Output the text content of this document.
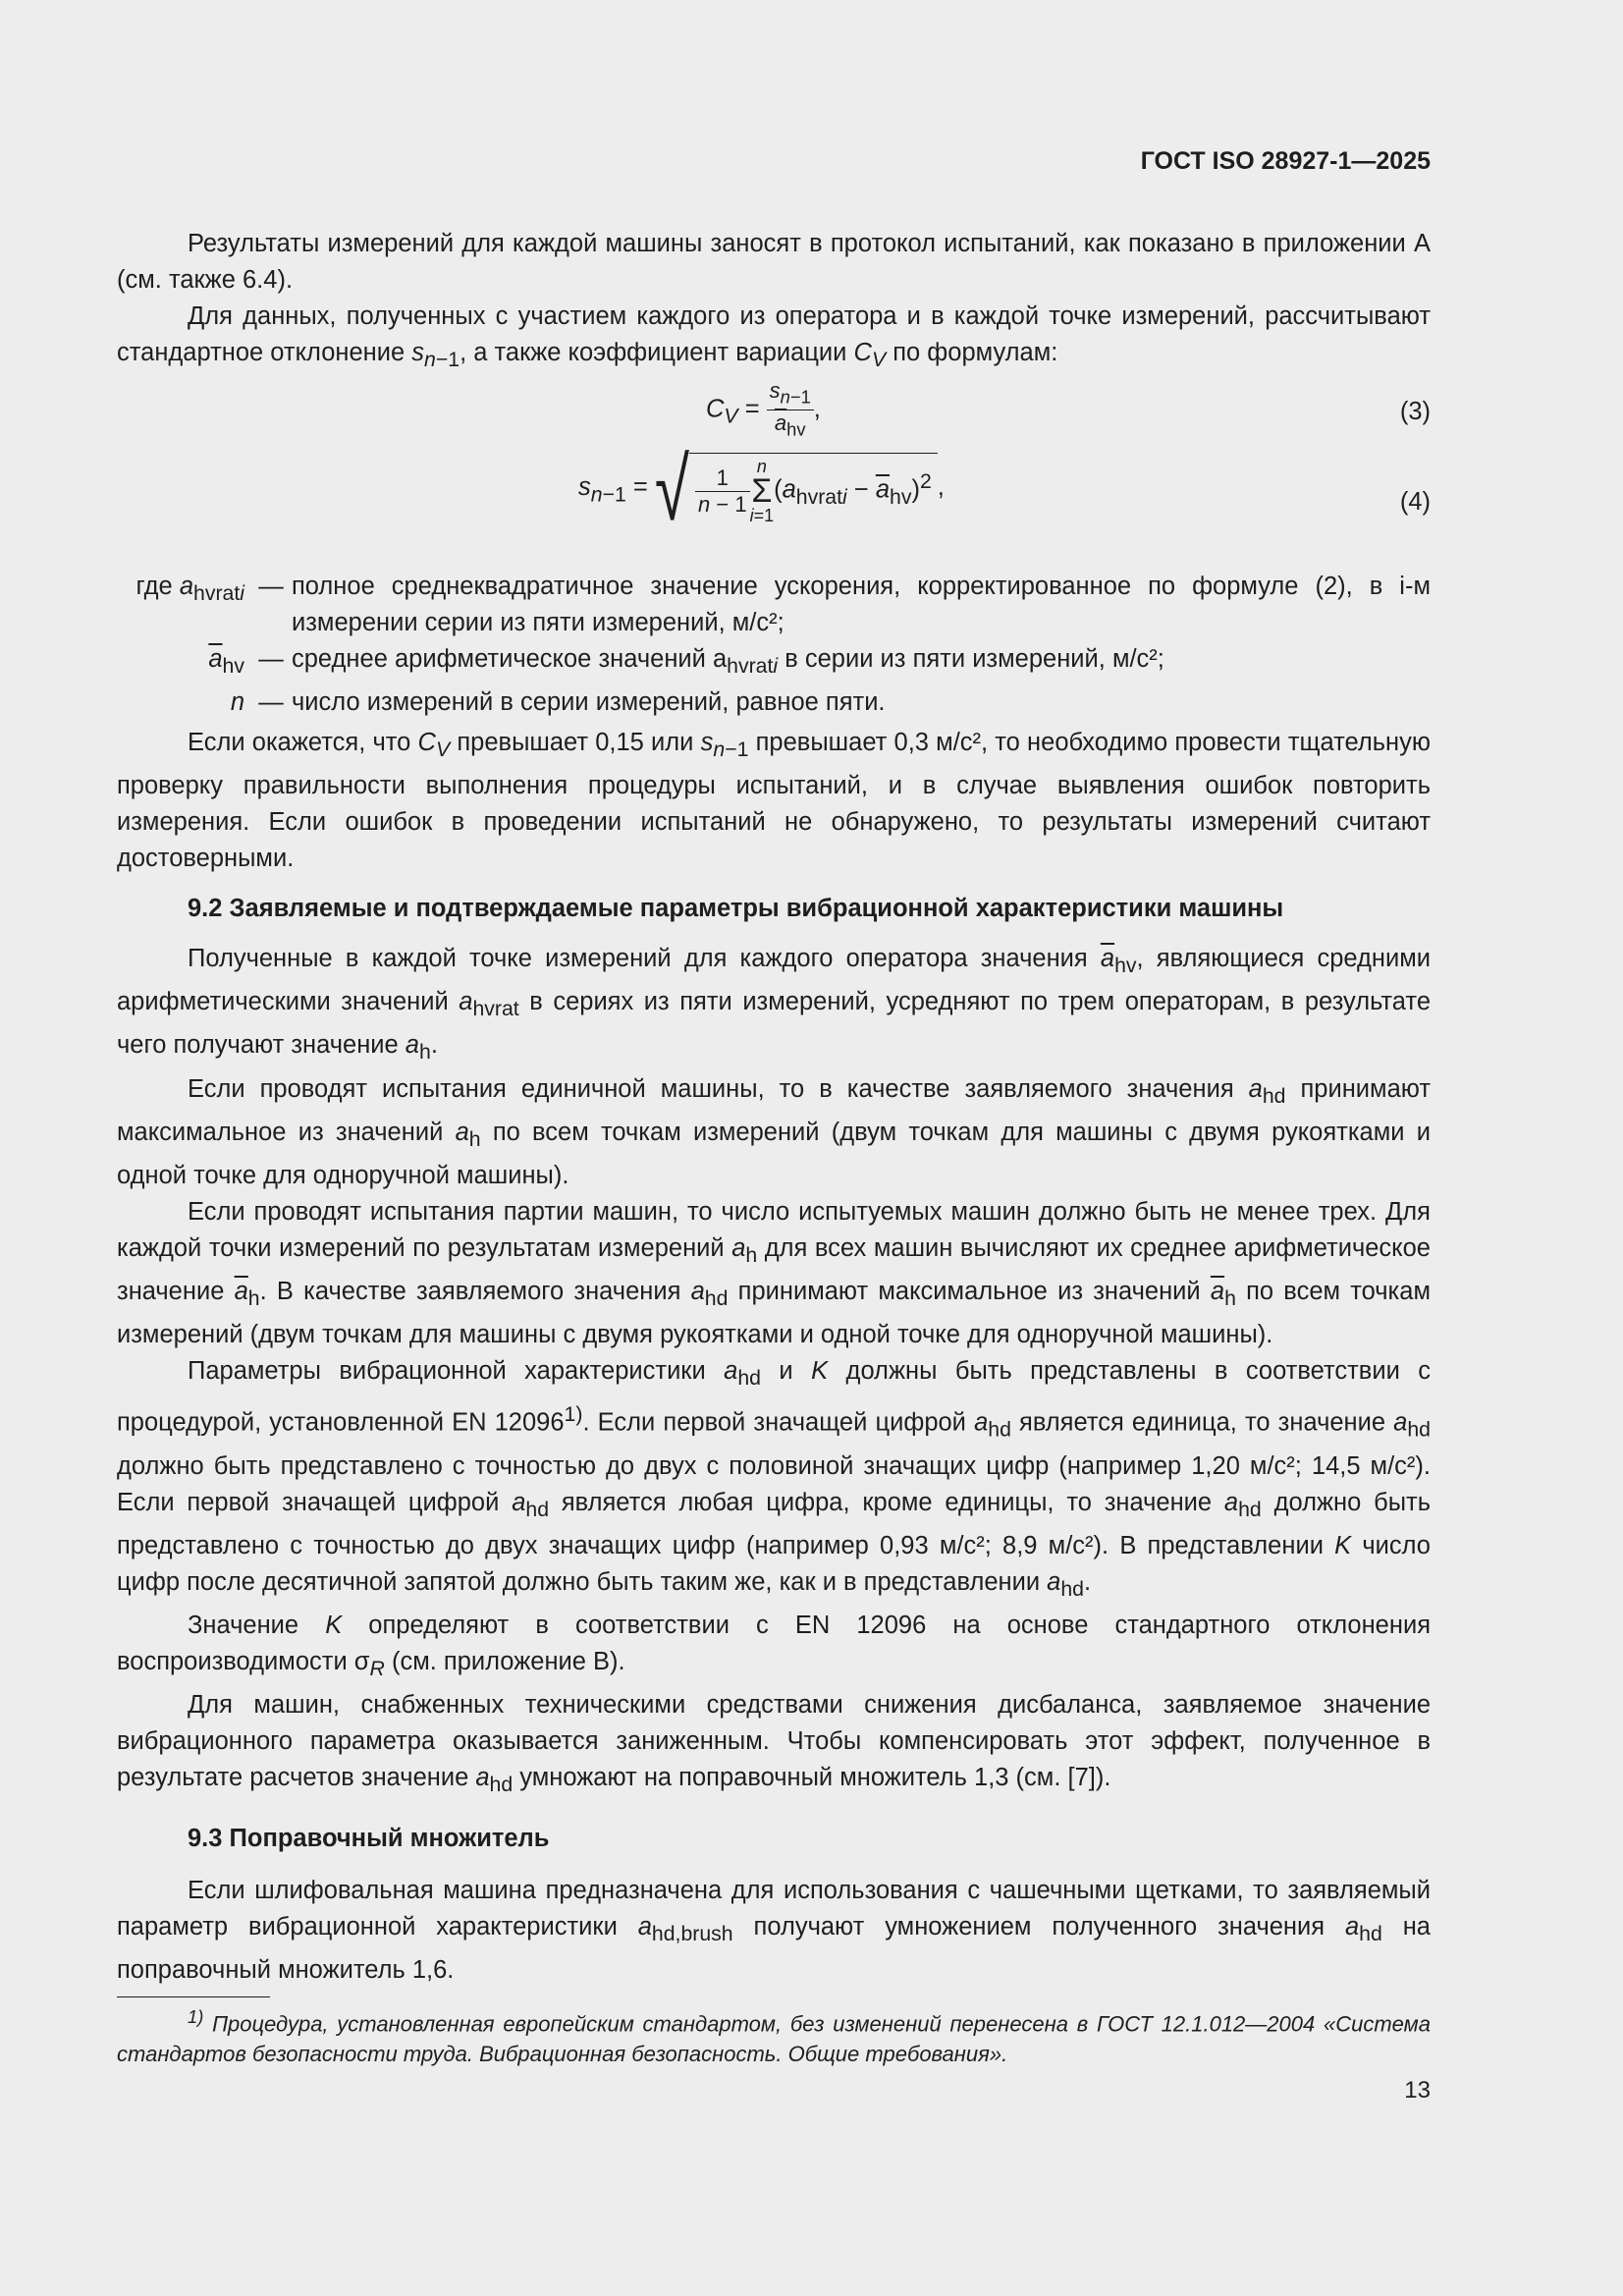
ГОСТ ISO 28927-1—2025

Результаты измерений для каждой машины заносят в протокол испытаний, как показано в приложении А (см. также 6.4).

Для данных, полученных с участием каждого из оператора и в каждой точке измерений, рассчитывают стандартное отклонение $s_{n-1}$, а также коэффициент вариации $C_V$ по формулам:

$C_V = \frac{s_{n-1}}{\overline{a}_{hv}}$ ,	(3)
$s_{n-1}$ = √ $\frac{1}{n - 1}$ n
Σ
$i=1(a_{hvrati} - \overline{a}_{hv})^2$ ,
(4)
где $a_{hvrati}$ — полное среднеквадратичное значение ускорения, корректированное по формуле (2), в i-м измерении серии из пяти измерений, м/с²;
$\overline{a}_{hv}$ — среднее арифметическое значений $a_{hvrati}$ в серии из пяти измерений, м/с²;
n — число измерений в серии измерений, равное пяти.

Если окажется, что $C_V$ превышает 0,15 или $s_{n-1}$ превышает 0,3 м/с², то необходимо провести тщательную проверку правильности выполнения процедуры испытаний, и в случае выявления ошибок повторить измерения. Если ошибок в проведении испытаний не обнаружено, то результаты измерений считают достоверными.

9.2 Заявляемые и подтверждаемые параметры вибрационной характеристики машины

Полученные в каждой точке измерений для каждого оператора значения $\overline{a}_{hv}$, являющиеся средними арифметическими значений $a_{hvrat}$ в сериях из пяти измерений, усредняют по трем операторам, в результате чего получают значение $a_h$.

Если проводят испытания единичной машины, то в качестве заявляемого значения $a_{hd}$ принимают максимальное из значений $a_h$ по всем точкам измерений (двум точкам для машины с двумя рукоятками и одной точке для одноручной машины).

Если проводят испытания партии машин, то число испытуемых машин должно быть не менее трех. Для каждой точки измерений по результатам измерений $a_h$ для всех машин вычисляют их среднее арифметическое значение $\overline{a}_h$. В качестве заявляемого значения $a_{hd}$ принимают максимальное из значений $\overline{a}_h$ по всем точкам измерений (двум точкам для машины с двумя рукоятками и одной точке для одноручной машины).

Параметры вибрационной характеристики $a_{hd}$ и K должны быть представлены в соответствии с процедурой, установленной EN 12096$^{1)}$. Если первой значащей цифрой $a_{hd}$ является единица, то значение $a_{hd}$ должно быть представлено с точностью до двух с половиной значащих цифр (например 1,20 м/с²; 14,5 м/с²). Если первой значащей цифрой $a_{hd}$ является любая цифра, кроме единицы, то значение $a_{hd}$ должно быть представлено с точностью до двух значащих цифр (например 0,93 м/с²; 8,9 м/с²). В представлении K число цифр после десятичной запятой должно быть таким же, как и в представлении $a_{hd}$.

Значение K определяют в соответствии с EN 12096 на основе стандартного отклонения воспроизводимости $\sigma_R$ (см. приложение В).

Для машин, снабженных техническими средствами снижения дисбаланса, заявляемое значение вибрационного параметра оказывается заниженным. Чтобы компенсировать этот эффект, полученное в результате расчетов значение $a_{hd}$ умножают на поправочный множитель 1,3 (см. [7]).

9.3 Поправочный множитель

Если шлифовальная машина предназначена для использования с чашечными щетками, то заявляемый параметр вибрационной характеристики $a_{hd,brush}$ получают умножением полученного значения $a_{hd}$ на поправочный множитель 1,6.

$^{1)}$ Процедура, установленная европейским стандартом, без изменений перенесена в ГОСТ 12.1.012—2004 «Система стандартов безопасности труда. Вибрационная безопасность. Общие требования».

13
